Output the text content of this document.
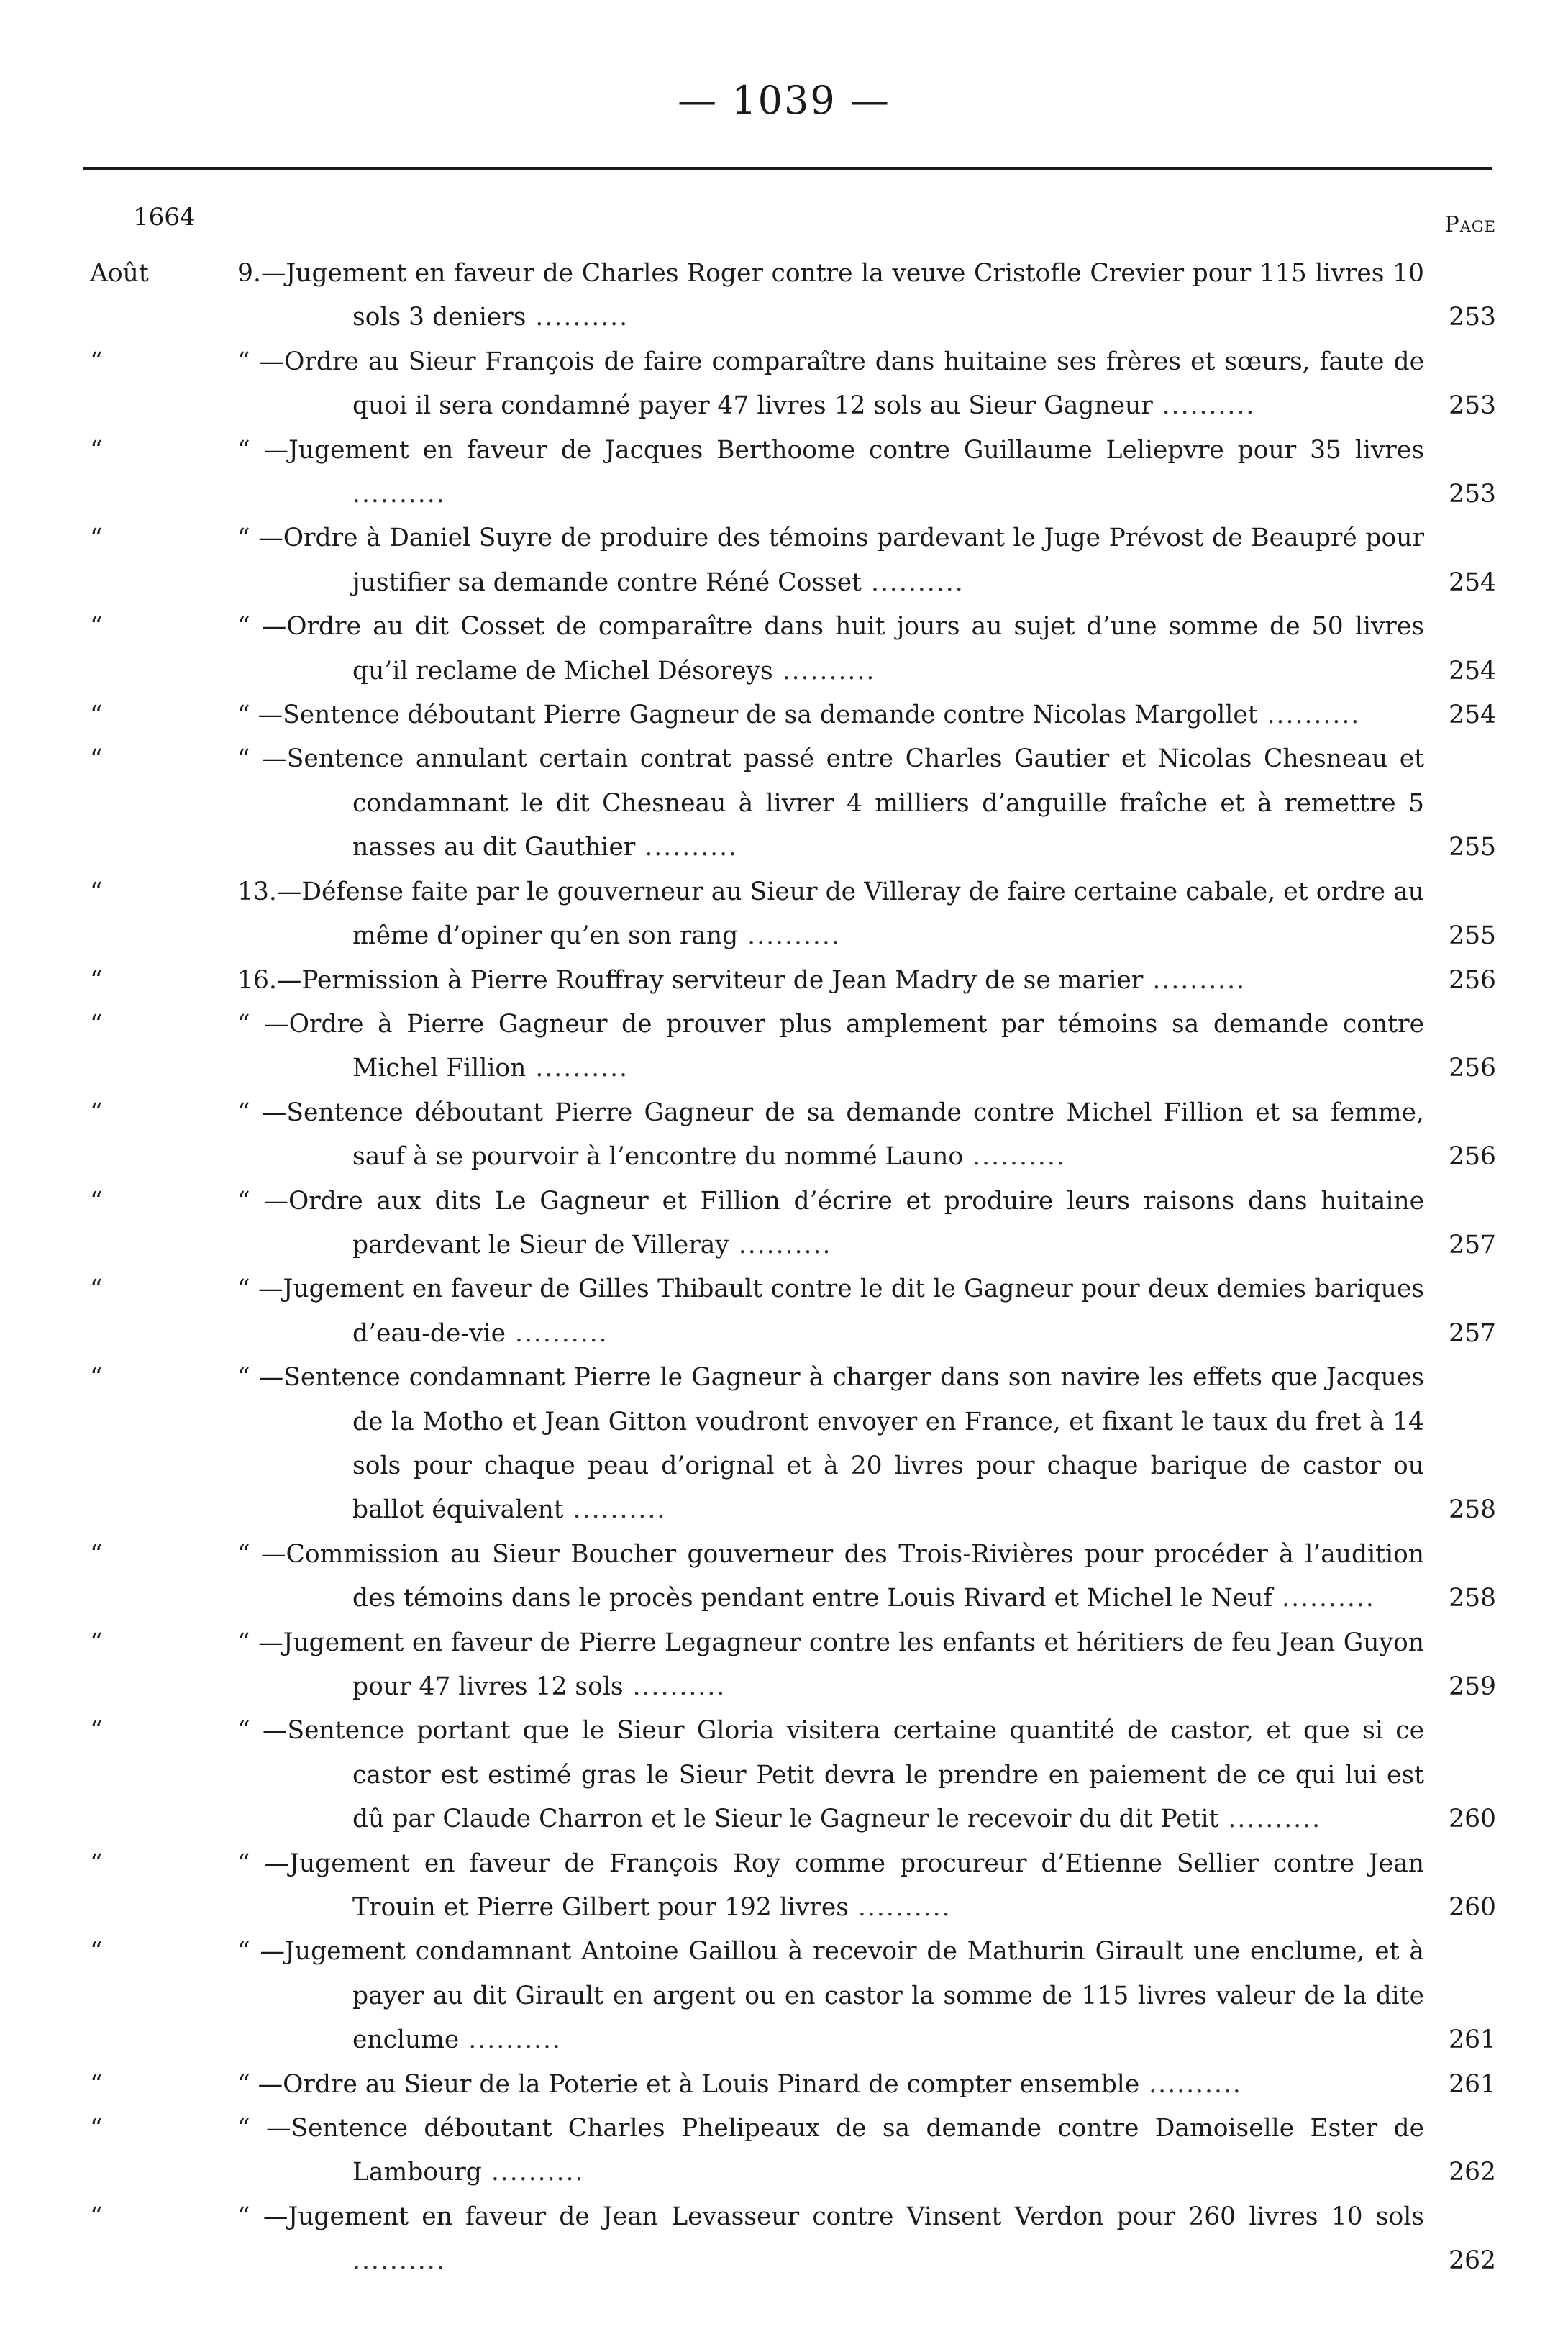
— 1039 —
1664	Page
Août	9.—Jugement en faveur de Charles Roger contre la veuve Cristofle Crevier pour 115 livres 10 sols 3 deniers ..........	253
“	“ —Ordre au Sieur François de faire comparaître dans huitaine ses frères et sœurs, faute de quoi il sera condamné payer 47 livres 12 sols au Sieur Gagneur ..........	253
“	“ —Jugement en faveur de Jacques Berthoome contre Guillaume Leliepvre pour 35 livres ..........	253
“	“ —Ordre à Daniel Suyre de produire des témoins pardevant le Juge Prévost de Beaupré pour justifier sa demande contre Réné Cosset ..........	254
“	“ —Ordre au dit Cosset de comparaître dans huit jours au sujet d’une somme de 50 livres qu’il reclame de Michel Désoreys ..........	254
“	“ —Sentence déboutant Pierre Gagneur de sa demande contre Nicolas Margollet ..........	254
“	“ —Sentence annulant certain contrat passé entre Charles Gautier et Nicolas Chesneau et condamnant le dit Chesneau à livrer 4 milliers d’anguille fraîche et à remettre 5 nasses au dit Gauthier ..........	255
“	13.—Défense faite par le gouverneur au Sieur de Villeray de faire certaine cabale, et ordre au même d’opiner qu’en son rang ..........	255
“	16.—Permission à Pierre Rouffray serviteur de Jean Madry de se marier ..........	256
“	“ —Ordre à Pierre Gagneur de prouver plus amplement par témoins sa demande contre Michel Fillion ..........	256
“	“ —Sentence déboutant Pierre Gagneur de sa demande contre Michel Fillion et sa femme, sauf à se pourvoir à l’encontre du nommé Launo ..........	256
“	“ —Ordre aux dits Le Gagneur et Fillion d’écrire et produire leurs raisons dans huitaine pardevant le Sieur de Villeray ..........	257
“	“ —Jugement en faveur de Gilles Thibault contre le dit le Gagneur pour deux demies bariques d’eau-de-vie ..........	257
“	“ —Sentence condamnant Pierre le Gagneur à charger dans son navire les effets que Jacques de la Motho et Jean Gitton voudront envoyer en France, et fixant le taux du fret à 14 sols pour chaque peau d’orignal et à 20 livres pour chaque barique de castor ou ballot équivalent ..........	258
“	“ —Commission au Sieur Boucher gouverneur des Trois-Rivières pour procéder à l’audition des témoins dans le procès pendant entre Louis Rivard et Michel le Neuf ..........	258
“	“ —Jugement en faveur de Pierre Legagneur contre les enfants et héritiers de feu Jean Guyon pour 47 livres 12 sols ..........	259
“	“ —Sentence portant que le Sieur Gloria visitera certaine quantité de castor, et que si ce castor est estimé gras le Sieur Petit devra le prendre en paiement de ce qui lui est dû par Claude Charron et le Sieur le Gagneur le recevoir du dit Petit ..........	260
“	“ —Jugement en faveur de François Roy comme procureur d’Etienne Sellier contre Jean Trouin et Pierre Gilbert pour 192 livres ..........	260
“	“ —Jugement condamnant Antoine Gaillou à recevoir de Mathurin Girault une enclume, et à payer au dit Girault en argent ou en castor la somme de 115 livres valeur de la dite enclume ..........	261
“	“ —Ordre au Sieur de la Poterie et à Louis Pinard de compter ensemble ..........	261
“	“ —Sentence déboutant Charles Phelipeaux de sa demande contre Damoiselle Ester de Lambourg ..........	262
“	“ —Jugement en faveur de Jean Levasseur contre Vinsent Verdon pour 260 livres 10 sols ..........	262
